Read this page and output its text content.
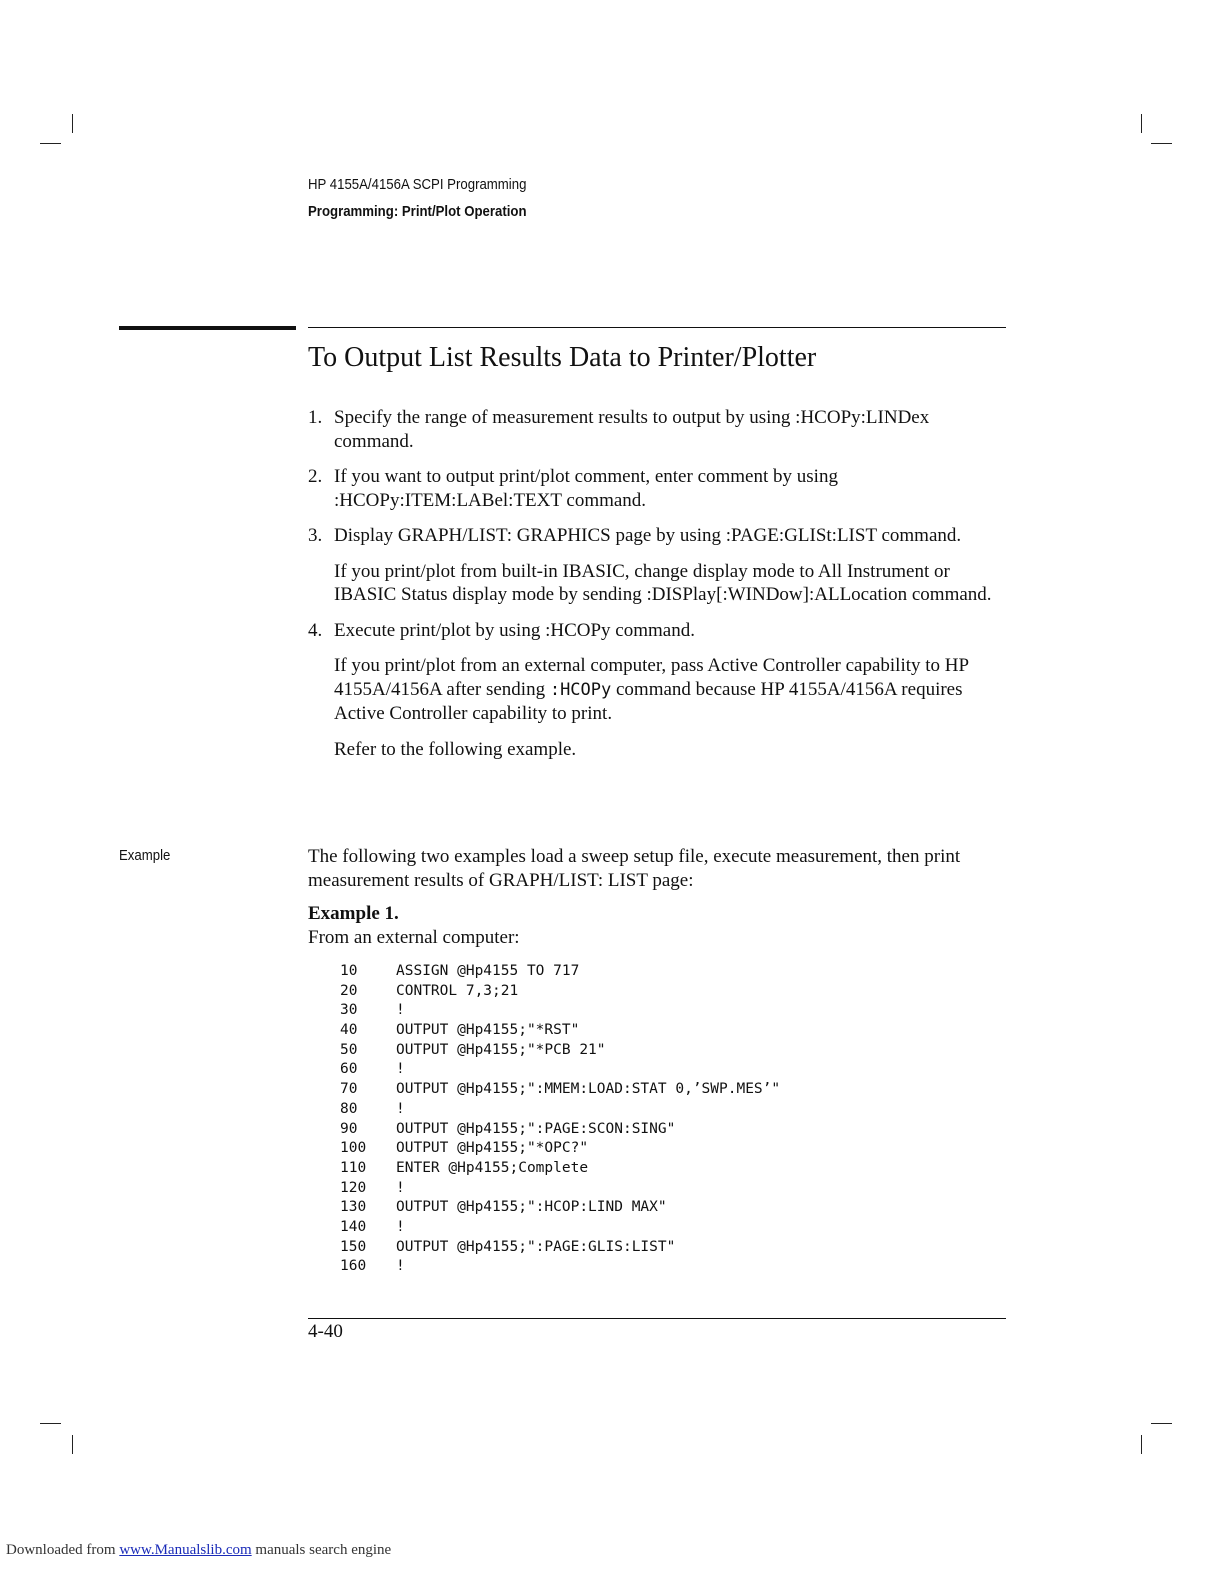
HP 4155A/4156A SCPI Programming
Programming: Print/Plot Operation
To Output List Results Data to Printer/Plotter
1. Specify the range of measurement results to output by using :HCOPy:LINDex command.
2. If you want to output print/plot comment, enter comment by using :HCOPy:ITEM:LABel:TEXT command.
3. Display GRAPH/LIST: GRAPHICS page by using :PAGE:GLISt:LIST command.

If you print/plot from built-in IBASIC, change display mode to All Instrument or IBASIC Status display mode by sending :DISPlay[:WINDow]:ALLocation command.

4. Execute print/plot by using :HCOPy command.

If you print/plot from an external computer, pass Active Controller capability to HP 4155A/4156A after sending :HCOPy command because HP 4155A/4156A requires Active Controller capability to print.

Refer to the following example.

Example	The following two examples load a sweep setup file, execute measurement, then print measurement results of GRAPH/LIST: LIST page:
Example 1.
From an external computer:
10	ASSIGN @Hp4155 TO 717
20	CONTROL 7,3;21
30	!
40	OUTPUT @Hp4155;"*RST"
50	OUTPUT @Hp4155;"*PCB 21"
60	!
70	OUTPUT @Hp4155;":MMEM:LOAD:STAT 0,’SWP.MES’"
80	!
90	OUTPUT @Hp4155;":PAGE:SCON:SING"
100 OUTPUT @Hp4155;"*OPC?"
110 ENTER @Hp4155;Complete
120 !
130 OUTPUT @Hp4155;":HCOP:LIND MAX"
140 !
150 OUTPUT @Hp4155;":PAGE:GLIS:LIST"
160 !
4-40
Downloaded from www.Manualslib.com manuals search engine
